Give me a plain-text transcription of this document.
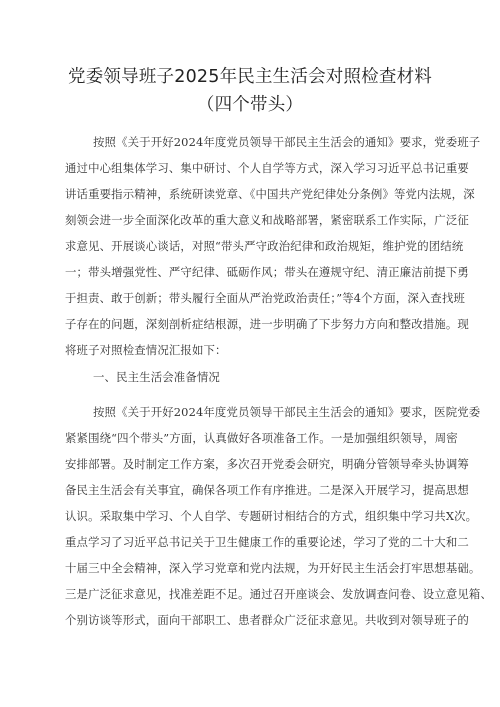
党委领导班子2025年民主生活会对照检查材料
（四个带头）
按照《关于开好2024年度党员领导干部民主生活会的通知》要求，党委班子
通过中心组集体学习、集中研讨、个人自学等方式，深入学习习近平总书记重要
讲话重要指示精神，系统研读党章、《中国共产党纪律处分条例》等党内法规，深
刻领会进一步全面深化改革的重大意义和战略部署，紧密联系工作实际，广泛征
求意见、开展谈心谈话，对照“带头严守政治纪律和政治规矩，维护党的团结统
一；带头增强党性、严守纪律、砥砺作风；带头在遵规守纪、清正廉洁前提下勇
于担责、敢于创新；带头履行全面从严治党政治责任；”等4个方面，深入查找班
子存在的问题，深刻剖析症结根源，进一步明确了下步努力方向和整改措施。现
将班子对照检查情况汇报如下：
一、民主生活会准备情况
按照《关于开好2024年度党员领导干部民主生活会的通知》要求，医院党委
紧紧围绕“四个带头”方面，认真做好各项准备工作。一是加强组织领导，周密
安排部署。及时制定工作方案，多次召开党委会研究，明确分管领导牵头协调筹
备民主生活会有关事宜，确保各项工作有序推进。二是深入开展学习，提高思想
认识。采取集中学习、个人自学、专题研讨相结合的方式，组织集中学习共X次。
重点学习了习近平总书记关于卫生健康工作的重要论述，学习了党的二十大和二
十届三中全会精神，深入学习党章和党内法规，为开好民主生活会打牢思想基础。
三是广泛征求意见，找准差距不足。通过召开座谈会、发放调查问卷、设立意见箱、
个别访谈等形式，面向干部职工、患者群众广泛征求意见。共收到对领导班子的
